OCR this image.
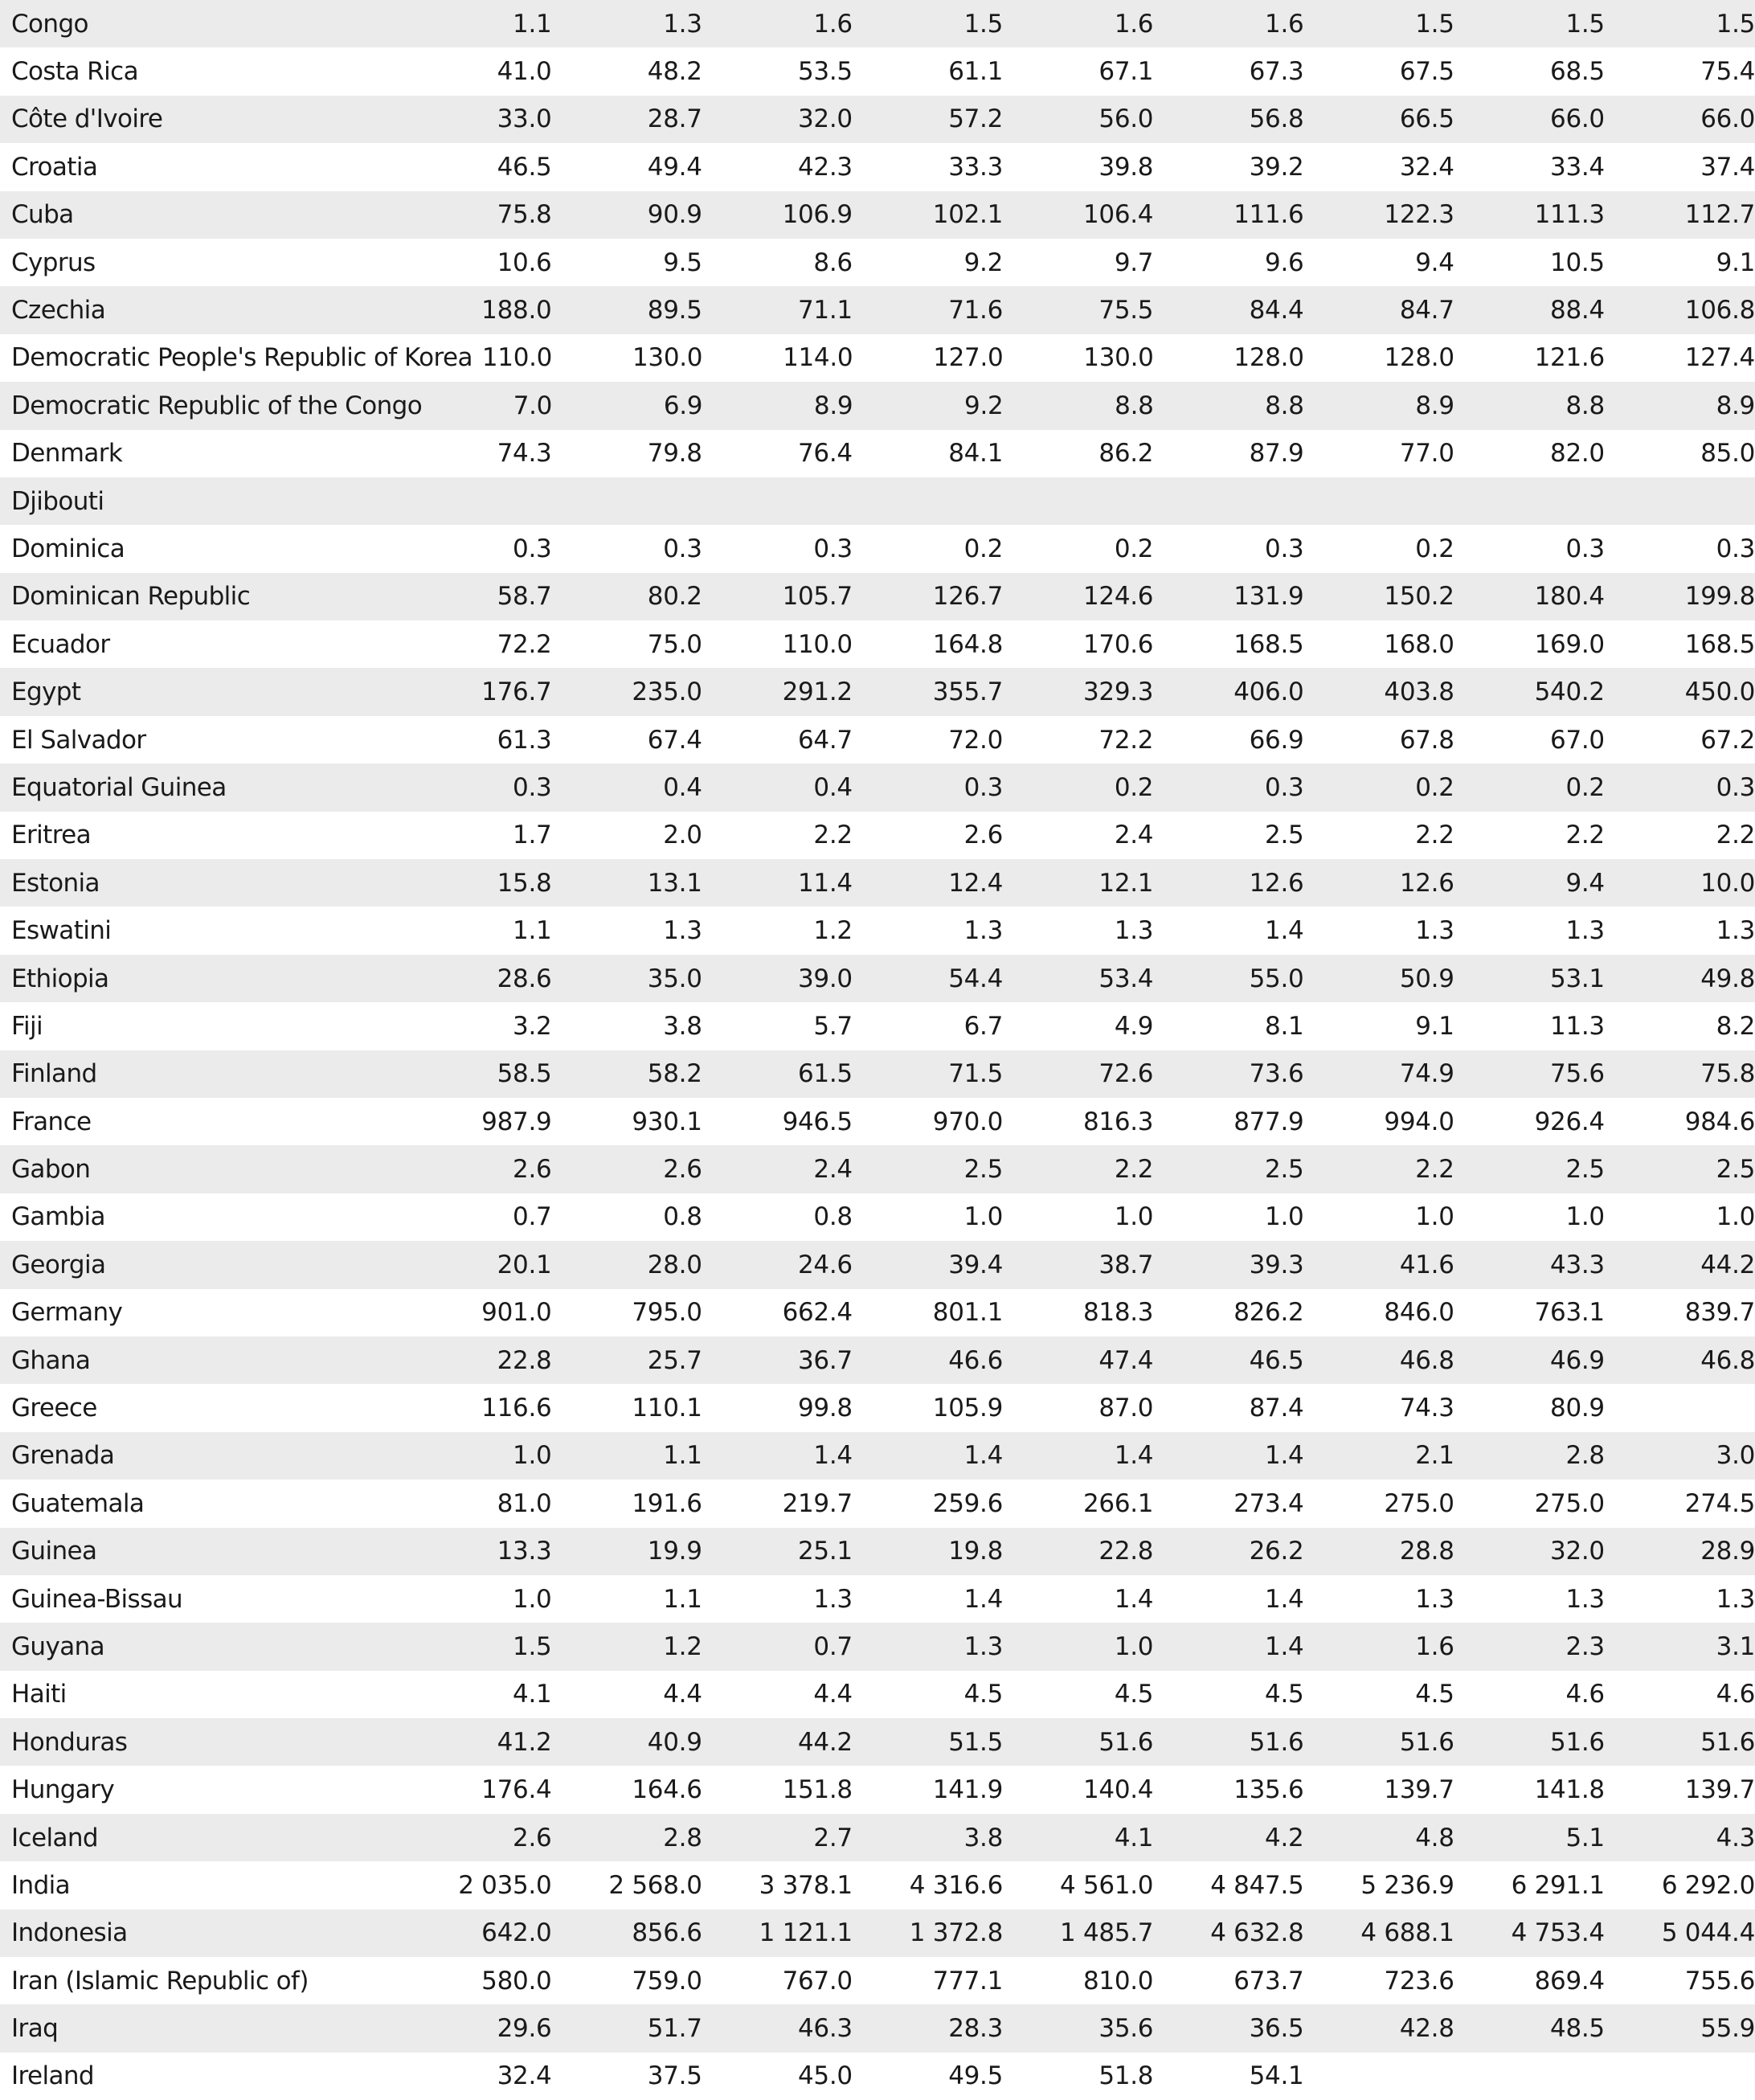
Congo	1.1	1.3	1.6	1.5	1.6	1.6	1.5	1.5	1.5
Costa Rica	41.0	48.2	53.5	61.1	67.1	67.3	67.5	68.5	75.4
Côte d'Ivoire	33.0	28.7	32.0	57.2	56.0	56.8	66.5	66.0	66.0
Croatia	46.5	49.4	42.3	33.3	39.8	39.2	32.4	33.4	37.4
Cuba	75.8	90.9	106.9	102.1	106.4	111.6	122.3	111.3	112.7
Cyprus	10.6	9.5	8.6	9.2	9.7	9.6	9.4	10.5	9.1
Czechia	188.0	89.5	71.1	71.6	75.5	84.4	84.7	88.4	106.8
Democratic People's Republic of Korea 110.0	130.0	114.0	127.0	130.0	128.0	128.0	121.6	127.4
Democratic Republic of the Congo	7.0	6.9	8.9	9.2	8.8	8.8	8.9	8.8	8.9
Denmark	74.3	79.8	76.4	84.1	86.2	87.9	77.0	82.0	85.0
Djibouti
Dominica	0.3	0.3	0.3	0.2	0.2	0.3	0.2	0.3	0.3
Dominican Republic	58.7	80.2	105.7	126.7	124.6	131.9	150.2	180.4	199.8
Ecuador	72.2	75.0	110.0	164.8	170.6	168.5	168.0	169.0	168.5
Egypt	176.7	235.0	291.2	355.7	329.3	406.0	403.8	540.2	450.0
El Salvador	61.3	67.4	64.7	72.0	72.2	66.9	67.8	67.0	67.2
Equatorial Guinea	0.3	0.4	0.4	0.3	0.2	0.3	0.2	0.2	0.3
Eritrea	1.7	2.0	2.2	2.6	2.4	2.5	2.2	2.2	2.2
Estonia	15.8	13.1	11.4	12.4	12.1	12.6	12.6	9.4	10.0
Eswatini	1.1	1.3	1.2	1.3	1.3	1.4	1.3	1.3	1.3
Ethiopia	28.6	35.0	39.0	54.4	53.4	55.0	50.9	53.1	49.8
Fiji	3.2	3.8	5.7	6.7	4.9	8.1	9.1	11.3	8.2
Finland	58.5	58.2	61.5	71.5	72.6	73.6	74.9	75.6	75.8
France	987.9	930.1	946.5	970.0	816.3	877.9	994.0	926.4	984.6
Gabon	2.6	2.6	2.4	2.5	2.2	2.5	2.2	2.5	2.5
Gambia	0.7	0.8	0.8	1.0	1.0	1.0	1.0	1.0	1.0
Georgia	20.1	28.0	24.6	39.4	38.7	39.3	41.6	43.3	44.2
Germany	901.0	795.0	662.4	801.1	818.3	826.2	846.0	763.1	839.7
Ghana	22.8	25.7	36.7	46.6	47.4	46.5	46.8	46.9	46.8
Greece	116.6	110.1	99.8	105.9	87.0	87.4	74.3	80.9
Grenada	1.0	1.1	1.4	1.4	1.4	1.4	2.1	2.8	3.0
Guatemala	81.0	191.6	219.7	259.6	266.1	273.4	275.0	275.0	274.5
Guinea	13.3	19.9	25.1	19.8	22.8	26.2	28.8	32.0	28.9
Guinea-Bissau	1.0	1.1	1.3	1.4	1.4	1.4	1.3	1.3	1.3
Guyana	1.5	1.2	0.7	1.3	1.0	1.4	1.6	2.3	3.1
Haiti	4.1	4.4	4.4	4.5	4.5	4.5	4.5	4.6	4.6
Honduras	41.2	40.9	44.2	51.5	51.6	51.6	51.6	51.6	51.6
Hungary	176.4	164.6	151.8	141.9	140.4	135.6	139.7	141.8	139.7
Iceland	2.6	2.8	2.7	3.8	4.1	4.2	4.8	5.1	4.3
India	2 035.0	2 568.0	3 378.1	4 316.6	4 561.0	4 847.5	5 236.9	6 291.1	6 292.0
Indonesia	642.0	856.6	1 121.1	1 372.8	1 485.7	4 632.8	4 688.1	4 753.4	5 044.4
Iran (Islamic Republic of)	580.0	759.0	767.0	777.1	810.0	673.7	723.6	869.4	755.6
Iraq	29.6	51.7	46.3	28.3	35.6	36.5	42.8	48.5	55.9
Ireland	32.4	37.5	45.0	49.5	51.8	54.1
